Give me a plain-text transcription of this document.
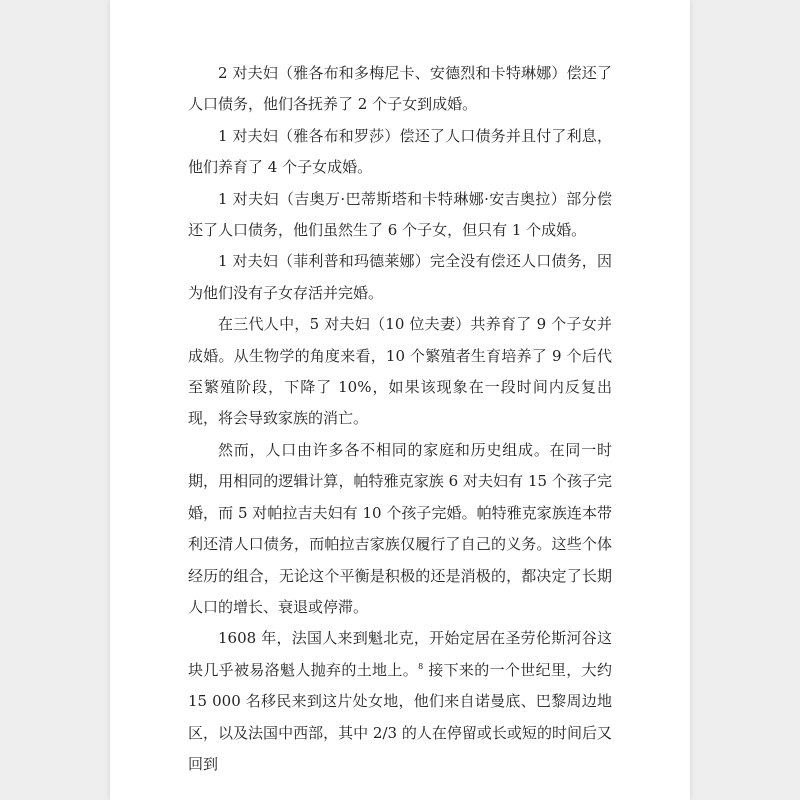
2 对夫妇（雅各布和多梅尼卡、安德烈和卡特琳娜）偿还了人口债务，他们各抚养了 2 个子女到成婚。

1 对夫妇（雅各布和罗莎）偿还了人口债务并且付了利息，他们养育了 4 个子女成婚。

1 对夫妇（吉奥万·巴蒂斯塔和卡特琳娜·安吉奥拉）部分偿还了人口债务，他们虽然生了 6 个子女，但只有 1 个成婚。

1 对夫妇（菲利普和玛德莱娜）完全没有偿还人口债务，因为他们没有子女存活并完婚。

在三代人中，5 对夫妇（10 位夫妻）共养育了 9 个子女并成婚。从生物学的角度来看，10 个繁殖者生育培养了 9 个后代至繁殖阶段，下降了 10%，如果该现象在一段时间内反复出现，将会导致家族的消亡。

然而，人口由许多各不相同的家庭和历史组成。在同一时期，用相同的逻辑计算，帕特雅克家族 6 对夫妇有 15 个孩子完婚，而 5 对帕拉吉夫妇有 10 个孩子完婚。帕特雅克家族连本带利还清人口债务，而帕拉吉家族仅履行了自己的义务。这些个体经历的组合，无论这个平衡是积极的还是消极的，都决定了长期人口的增长、衰退或停滞。

1608 年，法国人来到魁北克，开始定居在圣劳伦斯河谷这块几乎被易洛魁人抛弃的土地上。$^8$ 接下来的一个世纪里，大约 15 000 名移民来到这片处女地，他们来自诺曼底、巴黎周边地区，以及法国中西部，其中 2/3 的人在停留或长或短的时间后又回到
